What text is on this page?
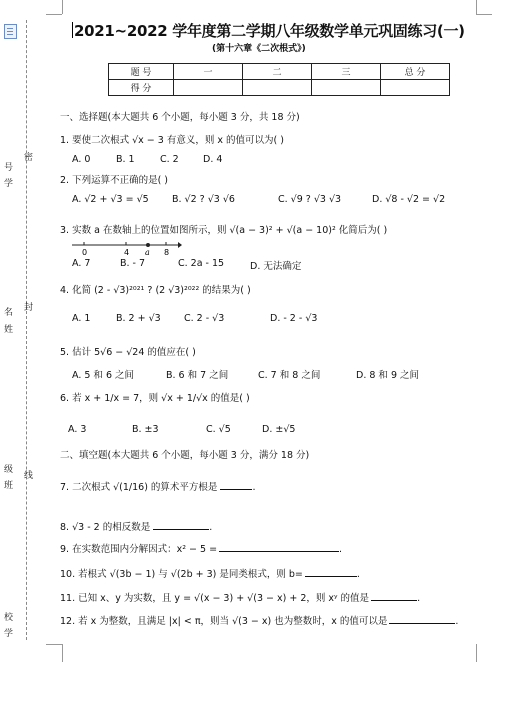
密
封
线
号
学
名
姓
级
班
校
学
2021~2022 学年度第二学期八年级数学单元巩固练习(一)
(第十六章《二次根式》)
题 号	一	二	三	总 分
得 分				
一、选择题(本大题共 6 个小题，每小题 3 分，共 18 分)
1. 要使二次根式 √x − 3 有意义，则 x 的值可以为( )
A. 0	B. 1	C. 2	D. 4
2. 下列运算不正确的是( )
A. √2 + √3 = √5 B. √2 ? √3 √6	C. √9 ? √3 √3	D. √8 - √2 = √2
3. 实数 a 在数轴上的位置如图所示，则 √(a − 3)² + √(a − 10)² 化简后为( )
0	4 a 8
A. 7	B. - 7	C. 2a - 15	D. 无法确定
4. 化简 (2 - √3)²⁰²¹ ? (2 √3)²⁰²² 的结果为( )
A. 1	B. 2 + √3 C. 2 - √3	D. - 2 - √3
5. 估计 5√6 − √24 的值应在( )
A. 5 和 6 之间	B. 6 和 7 之间	C. 7 和 8 之间	D. 8 和 9 之间
6. 若 x + 1/x = 7，则 √x + 1/√x 的值是( )
A. 3	B. ±3	C. √5	D. ±√5
二、填空题(本大题共 6 个小题，每小题 3 分，满分 18 分)
7. 二次根式 √(1/16) 的算术平方根是	.
8. √3 - 2 的相反数是	.
9. 在实数范围内分解因式：x² − 5 =	.
10. 若根式 √(3b − 1) 与 √(2b + 3) 是同类根式，则 b=	.
11. 已知 x、y 为实数，且 y = √(x − 3) + √(3 − x) + 2，则 xʸ 的值是	.
12. 若 x 为整数，且满足 |x| < π，则当 √(3 − x) 也为整数时，x 的值可以是	.
